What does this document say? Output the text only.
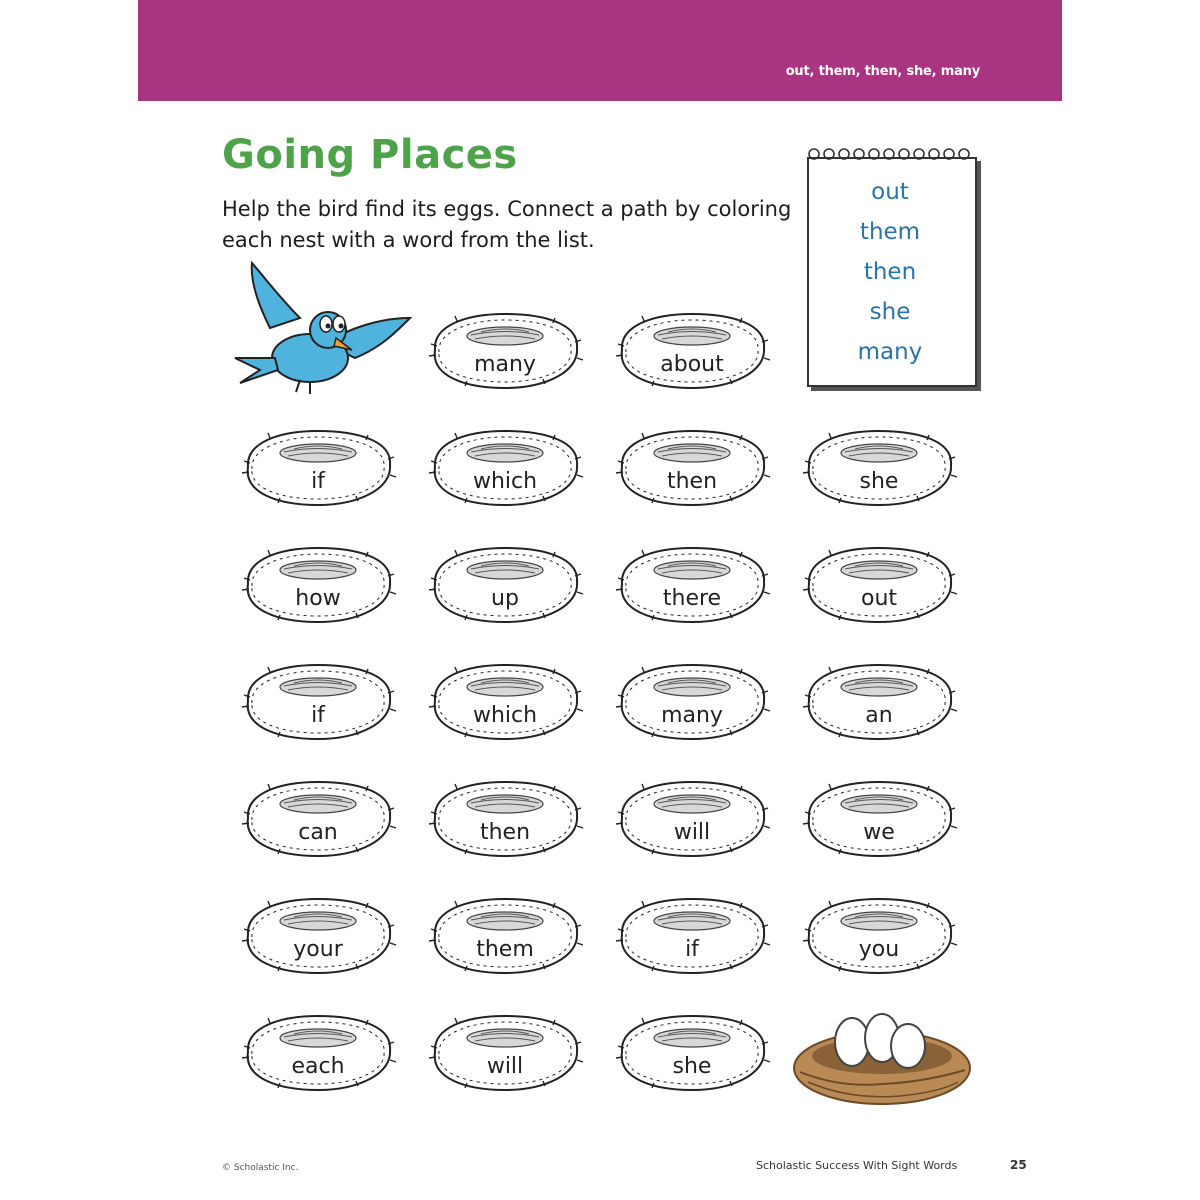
out, them, then, she, many
Going Places

Help the bird find its eggs. Connect a path by coloring each nest with a word from the list.

out
them
then
she
many
many	about
if	which	then	she
how	up	there	out
if	which	many	an
can	then	will	we
your	them	if	you
each	will	she
© Scholastic Inc.	Scholastic Success With Sight Words	25
